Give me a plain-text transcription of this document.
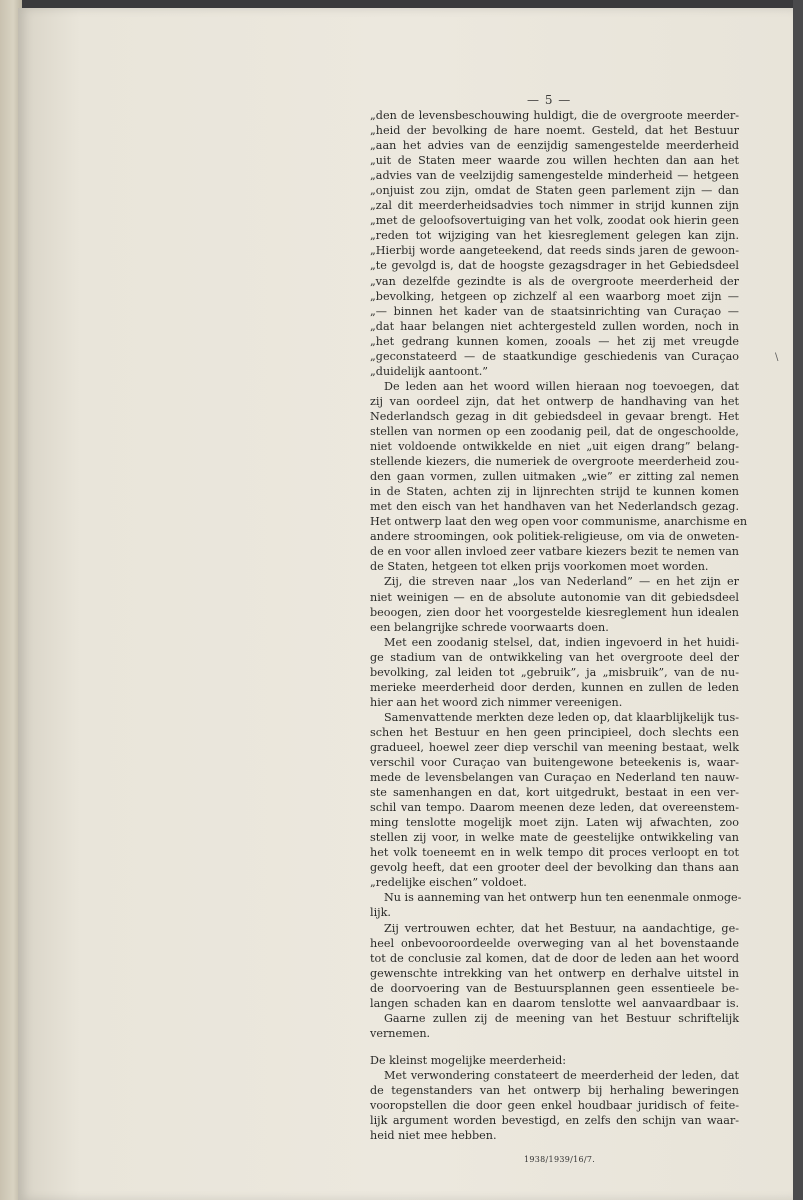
— 5 —
„den de levensbeschouwing huldigt, die de overgroote meerder-
„heid der bevolking de hare noemt. Gesteld, dat het Bestuur
„aan het advies van de eenzijdig samengestelde meerderheid
„uit de Staten meer waarde zou willen hechten dan aan het
„advies van de veelzijdig samengestelde minderheid — hetgeen
„onjuist zou zijn, omdat de Staten geen parlement zijn — dan
„zal dit meerderheidsadvies toch nimmer in strijd kunnen zijn
„met de geloofsovertuiging van het volk, zoodat ook hierin geen
„reden tot wijziging van het kiesreglement gelegen kan zijn.
„Hierbij worde aangeteekend, dat reeds sinds jaren de gewoon-
„te gevolgd is, dat de hoogste gezagsdrager in het Gebiedsdeel
„van dezelfde gezindte is als de overgroote meerderheid der
„bevolking, hetgeen op zichzelf al een waarborg moet zijn —
„— binnen het kader van de staatsinrichting van Curaçao —
„dat haar belangen niet achtergesteld zullen worden, noch in
„het gedrang kunnen komen, zooals — het zij met vreugde
„geconstateerd — de staatkundige geschiedenis van Curaçao
„duidelijk aantoont.”
De leden aan het woord willen hieraan nog toevoegen, dat
zij van oordeel zijn, dat het ontwerp de handhaving van het
Nederlandsch gezag in dit gebiedsdeel in gevaar brengt. Het
stellen van normen op een zoodanig peil, dat de ongeschoolde,
niet voldoende ontwikkelde en niet „uit eigen drang” belang-
stellende kiezers, die numeriek de overgroote meerderheid zou-
den gaan vormen, zullen uitmaken „wie” er zitting zal nemen
in de Staten, achten zij in lijnrechten strijd te kunnen komen
met den eisch van het handhaven van het Nederlandsch gezag.
Het ontwerp laat den weg open voor communisme, anarchisme en
andere stroomingen, ook politiek-religieuse, om via de onweten-
de en voor allen invloed zeer vatbare kiezers bezit te nemen van
de Staten, hetgeen tot elken prijs voorkomen moet worden.
Zij, die streven naar „los van Nederland” — en het zijn er
niet weinigen — en de absolute autonomie van dit gebiedsdeel
beoogen, zien door het voorgestelde kiesreglement hun idealen
een belangrijke schrede voorwaarts doen.
Met een zoodanig stelsel, dat, indien ingevoerd in het huidi-
ge stadium van de ontwikkeling van het overgroote deel der
bevolking, zal leiden tot „gebruik”, ja „misbruik”, van de nu-
merieke meerderheid door derden, kunnen en zullen de leden
hier aan het woord zich nimmer vereenigen.
Samenvattende merkten deze leden op, dat klaarblijkelijk tus-
schen het Bestuur en hen geen principieel, doch slechts een
gradueel, hoewel zeer diep verschil van meening bestaat, welk
verschil voor Curaçao van buitengewone beteekenis is, waar-
mede de levensbelangen van Curaçao en Nederland ten nauw-
ste samenhangen en dat, kort uitgedrukt, bestaat in een ver-
schil van tempo. Daarom meenen deze leden, dat overeenstem-
ming tenslotte mogelijk moet zijn. Laten wij afwachten, zoo
stellen zij voor, in welke mate de geestelijke ontwikkeling van
het volk toeneemt en in welk tempo dit proces verloopt en tot
gevolg heeft, dat een grooter deel der bevolking dan thans aan
„redelijke eischen” voldoet.
Nu is aanneming van het ontwerp hun ten eenenmale onmoge-
lijk.
Zij vertrouwen echter, dat het Bestuur, na aandachtige, ge-
heel onbevooroordeelde overweging van al het bovenstaande
tot de conclusie zal komen, dat de door de leden aan het woord
gewenschte intrekking van het ontwerp en derhalve uitstel in
de doorvoering van de Bestuursplannen geen essentieele be-
langen schaden kan en daarom tenslotte wel aanvaardbaar is.
Gaarne zullen zij de meening van het Bestuur schriftelijk
vernemen.
De kleinst mogelijke meerderheid:
Met verwondering constateert de meerderheid der leden, dat
de tegenstanders van het ontwerp bij herhaling beweringen
vooropstellen die door geen enkel houdbaar juridisch of feite-
lijk argument worden bevestigd, en zelfs den schijn van waar-
heid niet mee hebben.
\
1938/1939/16/7.
